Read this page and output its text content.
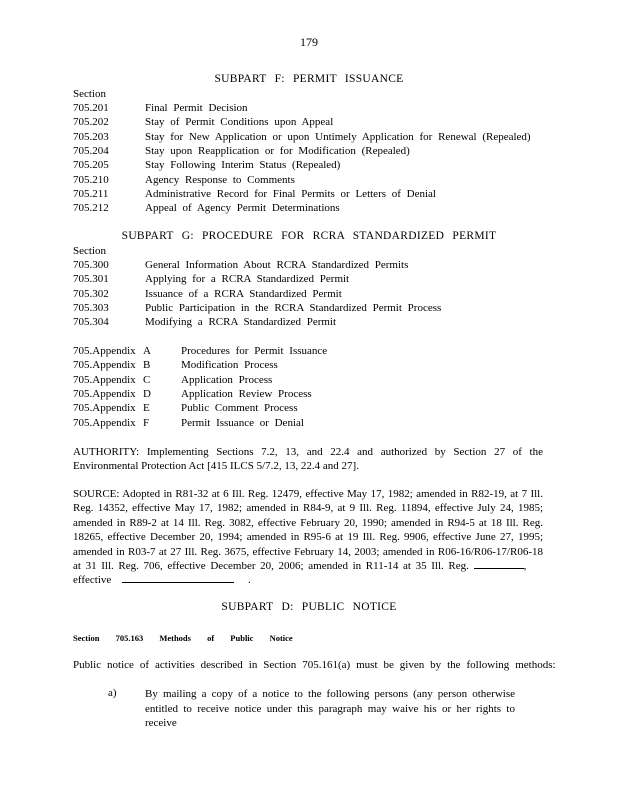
179
SUBPART F: PERMIT ISSUANCE
Section
705.201	Final Permit Decision
705.202	Stay of Permit Conditions upon Appeal
705.203	Stay for New Application or upon Untimely Application for Renewal (Repealed)
705.204	Stay upon Reapplication or for Modification (Repealed)
705.205	Stay Following Interim Status (Repealed)
705.210	Agency Response to Comments
705.211	Administrative Record for Final Permits or Letters of Denial
705.212	Appeal of Agency Permit Determinations
SUBPART G: PROCEDURE FOR RCRA STANDARDIZED PERMIT
Section
705.300	General Information About RCRA Standardized Permits
705.301	Applying for a RCRA Standardized Permit
705.302	Issuance of a RCRA Standardized Permit
705.303	Public Participation in the RCRA Standardized Permit Process
705.304	Modifying a RCRA Standardized Permit
705.Appendix A	Procedures for Permit Issuance
705.Appendix B	Modification Process
705.Appendix C	Application Process
705.Appendix D	Application Review Process
705.Appendix E	Public Comment Process
705.Appendix F	Permit Issuance or Denial
AUTHORITY: Implementing Sections 7.2, 13, and 22.4 and authorized by Section 27 of the Environmental Protection Act [415 ILCS 5/7.2, 13, 22.4 and 27].
SOURCE: Adopted in R81-32 at 6 Ill. Reg. 12479, effective May 17, 1982; amended in R82-19, at 7 Ill. Reg. 14352, effective May 17, 1982; amended in R84-9, at 9 Ill. Reg. 11894, effective July 24, 1985; amended in R89-2 at 14 Ill. Reg. 3082, effective February 20, 1990; amended in R94-5 at 18 Ill. Reg. 18265, effective December 20, 1994; amended in R95-6 at 19 Ill. Reg. 9906, effective June 27, 1995; amended in R03-7 at 27 Ill. Reg. 3675, effective February 14, 2003; amended in R06-16/R06-17/R06-18 at 31 Ill. Reg. 706, effective December 20, 2006; amended in R11-14 at 35 Ill. Reg.	,     effective	.
SUBPART D: PUBLIC NOTICE
Section 705.163 Methods of Public Notice
Public notice of activities described in Section 705.161(a) must be given by the following methods:
a)	By mailing a copy of a notice to the following persons (any person otherwise entitled to receive notice under this paragraph may waive his or her rights to receive
